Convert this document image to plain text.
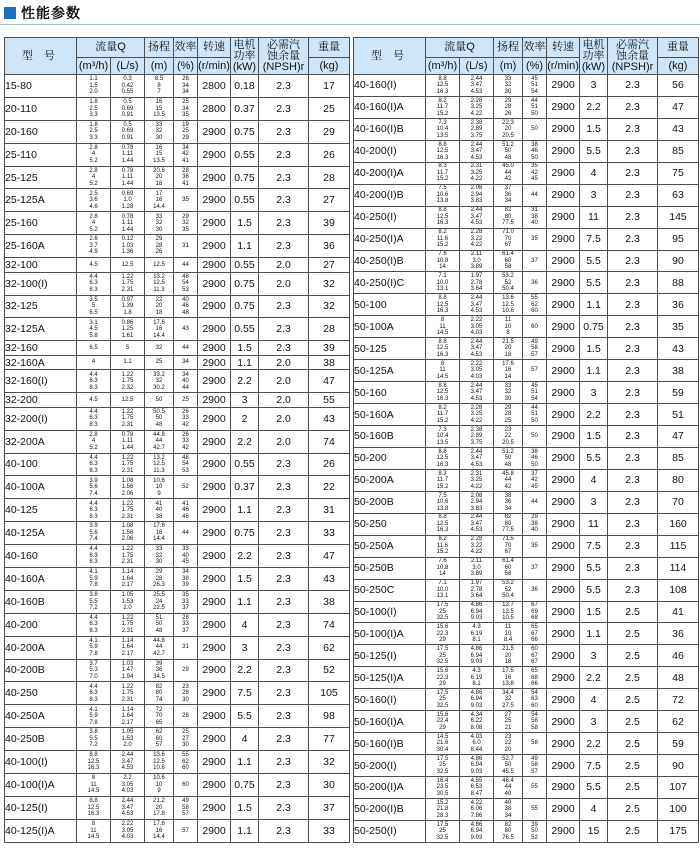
性能参数
型 号	流量Q		扬程	效率	转速	电机
功率
(kW)	必需汽
蚀余量
(NPSH)r	重量
	(m³/h)	(L/s)	(m)	(%)	(r/min)			(kg)
15-80	1.1
1.5
2.0	0.3
0.42
0.55	8.5
8
7	26
34
34	2800	0.18	2.3	17
20-110	1.8
2.5
3.3	0.5
0.69
0.91	16
15
13.5	25
34
35	2800	0.37	2.3	25
20-160	1.8
2.5
3.3	0.5
0.69
0.91	33
32
30	19
25
29	2900	0.75	2.3	29
25-110	2.8
4
5.2	0.78
1.11
1.44	16
15
13.5	34
42
41	2900	0.55	2.3	26
25-125	2.8
4
5.2	0.78
1.11
1.44	20.6
20
18	28
36
41	2900	0.75	2.3	28
25-125A	2.5
3.6
4.6	0.69
1.0
1.28	17
16
14.4	35	2900	0.55	2.3	27
25-160	2.8
4
5.2	0.78
1.11
1.44	33
32
30	29
32
35	2900	1.5	2.3	39
25-160A	2.6
3.7
4.9	0.12
1.03
1.36	29
28
26	31	2900	1.1	2.3	36
32-100	4.5	12.5	12.5	44	2900	0.55	2.0	27
32-100(I)	4.4
6.3
8.3	1.22
1.75
2.31	13.2
12.5
11.3	48
54
53	2900	0.75	2.0	32
32-125	3.5
5
6.5	0.97
1.39
1.8	22
20
18	40
46
48	2900	0.75	2.3	32
32-125A	3.1
4.5
5.8	0.86
1.25
1.61	17.6
16
14.4	43	2900	0.55	2.3	28
32-160	6.5	5	32	44	2900	1.5	2.3	39
32-160A	4	1.1	25	34	2900	1.1	2.0	38
32-160(I)	4.4
6.3
8.3	1.22
1.75
2.32	33.2
32
30.2	34
40
44	2900	2.2	2.0	47
32-200	4.5	12.5	50	25	2900	3	2.0	55
32-200(I)	4.4
6.3
8.3	1.22
1.75
2.31	50.5
50
48	26
33
42	2900	2	2.0	43
32-200A	2.8
4
5.2	0.78
1.11
1.44	44.8
44
42.7	26
33
42	2900	2.2	2.0	74
40-100	4.4
6.3
8.3	1.22
1.75
2.31	13.2
12.5
11.3	48
54
53	2900	0.55	2.3	26
40-100A	3.9
5.6
7.4	1.08
1.56
2.06	10.6
10
9	52	2900	0.37	2.3	22
40-125	4.4
6.3
8.3	1.22
1.75
2.31	41
40
38	41
46
46	2900	1.1	2.3	31
40-125A	3.9
5.6
7.4	1.08
1.56
2.06	17.6
16
14.4	44	2900	0.75	2.3	33
40-160	4.4
6.3
8.3	1.22
1.75
2.31	33
32
30	33
40
45	2900	2.2	2.3	47
40-160A	4.1
5.9
7.8	1.14
1.64
2.17	29
28
26.3	34
38
39	2900	1.5	2.3	43
40-160B	3.8
5.5
7.2	1.05
1.53
2.0	25.5
24
22.5	35
33
37	2900	1.1	2.3	38
40-200	4.4
6.3
8.3	1.22
1.75
2.31	51
50
48	28
33
37	2900	4	2.3	74
40-200A	4.1
5.9
7.8	1.14
1.64
2.17	44.8
44
42.7	31	2900	3	2.3	62
40-200B	3.7
5.3
7.0	1.03
1.47
1.94	39
36
34.5	29	2900	2.2	2.3	52
40-250	4.4
6.3
8.3	1.22
1.75
2.31	82
80
74	23
28
30	2900	7.5	2.3	105
40-250A	4.1
5.9
7.8	1.14
1.64
2.17	72
70
65	28	2900	5.5	2.3	98
40-250B	3.8
5.5
7.2	1.05
1.53
2.0	62
60
57	25
27
30	2900	4	2.3	77
40-100(I)	8.8
12.5
16.3	2.44
3.47
4.53	13.6
12.5
10.6	55
62
60	2900	1.1	2.3	32
40-100(I)A	8
11
14.5	2.2
3.05
4.03	10.6
10
9	60	2900	0.75	2.3	30
40-125(I)	8.8
12.5
16.3	2.44
3.47
4.53	21.2
20
17.8	49
58
57	2900	1.5	2.3	37
40-125(I)A	8
11
14.5	2.22
3.05
4.03	17.6
16
14.4	57	2900	1.1	2.3	33
型 号	流量Q		扬程	效率	转速	电机
功率
(kW)	必需汽
蚀余量
(NPSH)r	重量
	(m³/h)	(L/s)	(m)	(%)	(r/min)			(kg)
40-160(I)	8.8
12.5
16.3	2.44
3.47
4.53	33
32
30	45
51
54	2900	3	2.3	56
40-160(I)A	8.2
11.7
15.2	2.28
3.25
4.22	29
28
26	44
51
50	2900	2.2	2.3	47
40-160(I)B	7.3
10.4
13.5	2.38
2.89
3.75	22.3
20
20.5	50	2900	1.5	2.3	43
40-200(I)	8.8
12.5
16.3	2.44
3.47
4.53	51.2
50
48	38
46
50	2900	5.5	2.3	85
40-200(I)A	8.3
11.7
15.2	2.31
3.25
4.22	45.0
44
42	35
42
45	2900	4	2.3	75
40-200(I)B	7.5
10.6
13.8	2.08
2.94
3.83	37
36
34	44	2900	3	2.3	63
40-250(I)	8.8
12.5
16.3	2.44
3.47
4.53	82
80
77.5	31
38
40	2900	11	2.3	145
40-250(I)A	8.2
11.6
15.2	2.28
3.22
4.22	71.0
70
67	35	2900	7.5	2.3	95
40-250(I)B	7.6
10.8
14	2.11
3.0
3.89	61.4
60
58	37	2900	5.5	2.3	90
40-250(I)C	7.1
10.0
13.1	1.97
2.78
3.64	53.2
52
50.4	36	2900	5.5	2.3	88
50-100	8.8
12.5
16.3	2.44
3.47
4.53	13.6
12.5
10.6	55
62
60	2900	1.1	2.3	36
50-100A	8
11
14.5	2.22
3.05
4.03	11
10
8	60	2900	0.75	2.3	35
50-125	8.8
12.5
16.3	2.44
3.47
4.53	21.5
20
18	49
58
57	2900	1.5	2.3	43
50-125A	8
11
14.5	2.22
3.05
4.03	17.6
16
14	57	2900	1.1	2.3	38
50-160	8.8
12.5
16.3	2.44
3.47
4.53	33
32
30	45
51
54	2900	3	2.3	59
50-160A	8.2
11.7
15.2	2.28
3.25
4.22	29
28
25	44
51
50	2900	2.2	2.3	51
50-160B	7.3
10.4
13.5	2.38
2.89
3.75	23
22
20.5	50	2900	1.5	2.3	47
50-200	8.8
12.5
16.3	2.44
3.47
4.53	51.2
50
48	38
46
50	2900	5.5	2.3	85
50-200A	8.3
11.7
15.2	2.31
3.25
4.22	45.8
44
42	37
42
45	2900	4	2.3	80
50-200B	7.5
10.6
13.8	2.08
2.94
3.83	38
36
34	44	2900	3	2.3	70
50-250	8.8
12.5
16.3	2.44
3.47
4.53	82
80
77.5	29
38
40	2900	11	2.3	160
50-250A	8.2
11.6
15.2	2.28
3.22
4.22	71.5
70
67	35	2900	7.5	2.3	115
50-250B	7.6
10.8
14	2.11
3.0
3.89	61.4
60
58	37	2900	5.5	2.3	114
50-250C	7.1
10.0
13.1	1.97
2.78
3.64	53.2
52
50.4	36	2900	5.5	2.3	108
50-100(I)	17.5
25
32.5	4.86
6.94
9.03	13.7
12.5
10.5	67
69
68	2900	1.5	2.5	41
50-100(I)A	15.6
22.3
29	4.3
6.19
8.1	11
10
8.4	65
67
66	2900	1.1	2.5	36
50-125(I)	17.5
25
32.5	4.86
6.94
9.03	21.5
20
18	60
67
67	2900	3	2.5	46
50-125(I)A	15.6
22.3
29	4.3
6.19
8.1	17.5
16
13.8	65
68
66	2900	2.2	2.5	48
50-160(I)	17.5
25
32.5	4.86
6.94
9.03	34.4
32
27.5	54
63
60	2900	4	2.5	72
50-160(I)A	15.6
22.4
29	4.34
6.22
8.08	27
25
21	54
58
58	2900	3	2.5	62
50-160(I)B	14.5
21.6
30.4	4.03
6.0
8.44	23
22
20	58	2900	2.2	2.5	59
50-200(I)	17.5
25
32.5	4.86
6.94
9.03	52.7
50
45.5	49
58
57	2900	7.5	2.5	90
50-200(I)A	16.4
23.5
30.5	4.55
6.53
8.47	46.4
44
40	55	2900	5.5	2.5	107
50-200(I)B	15.2
21.8
28.3	4.22
6.06
7.86	40
38
34	55	2900	4	2.5	100
50-250(I)	17.5
25
32.5	4.86
6.94
9.03	82
80
76.5	39
50
52	2900	15	2.5	175
